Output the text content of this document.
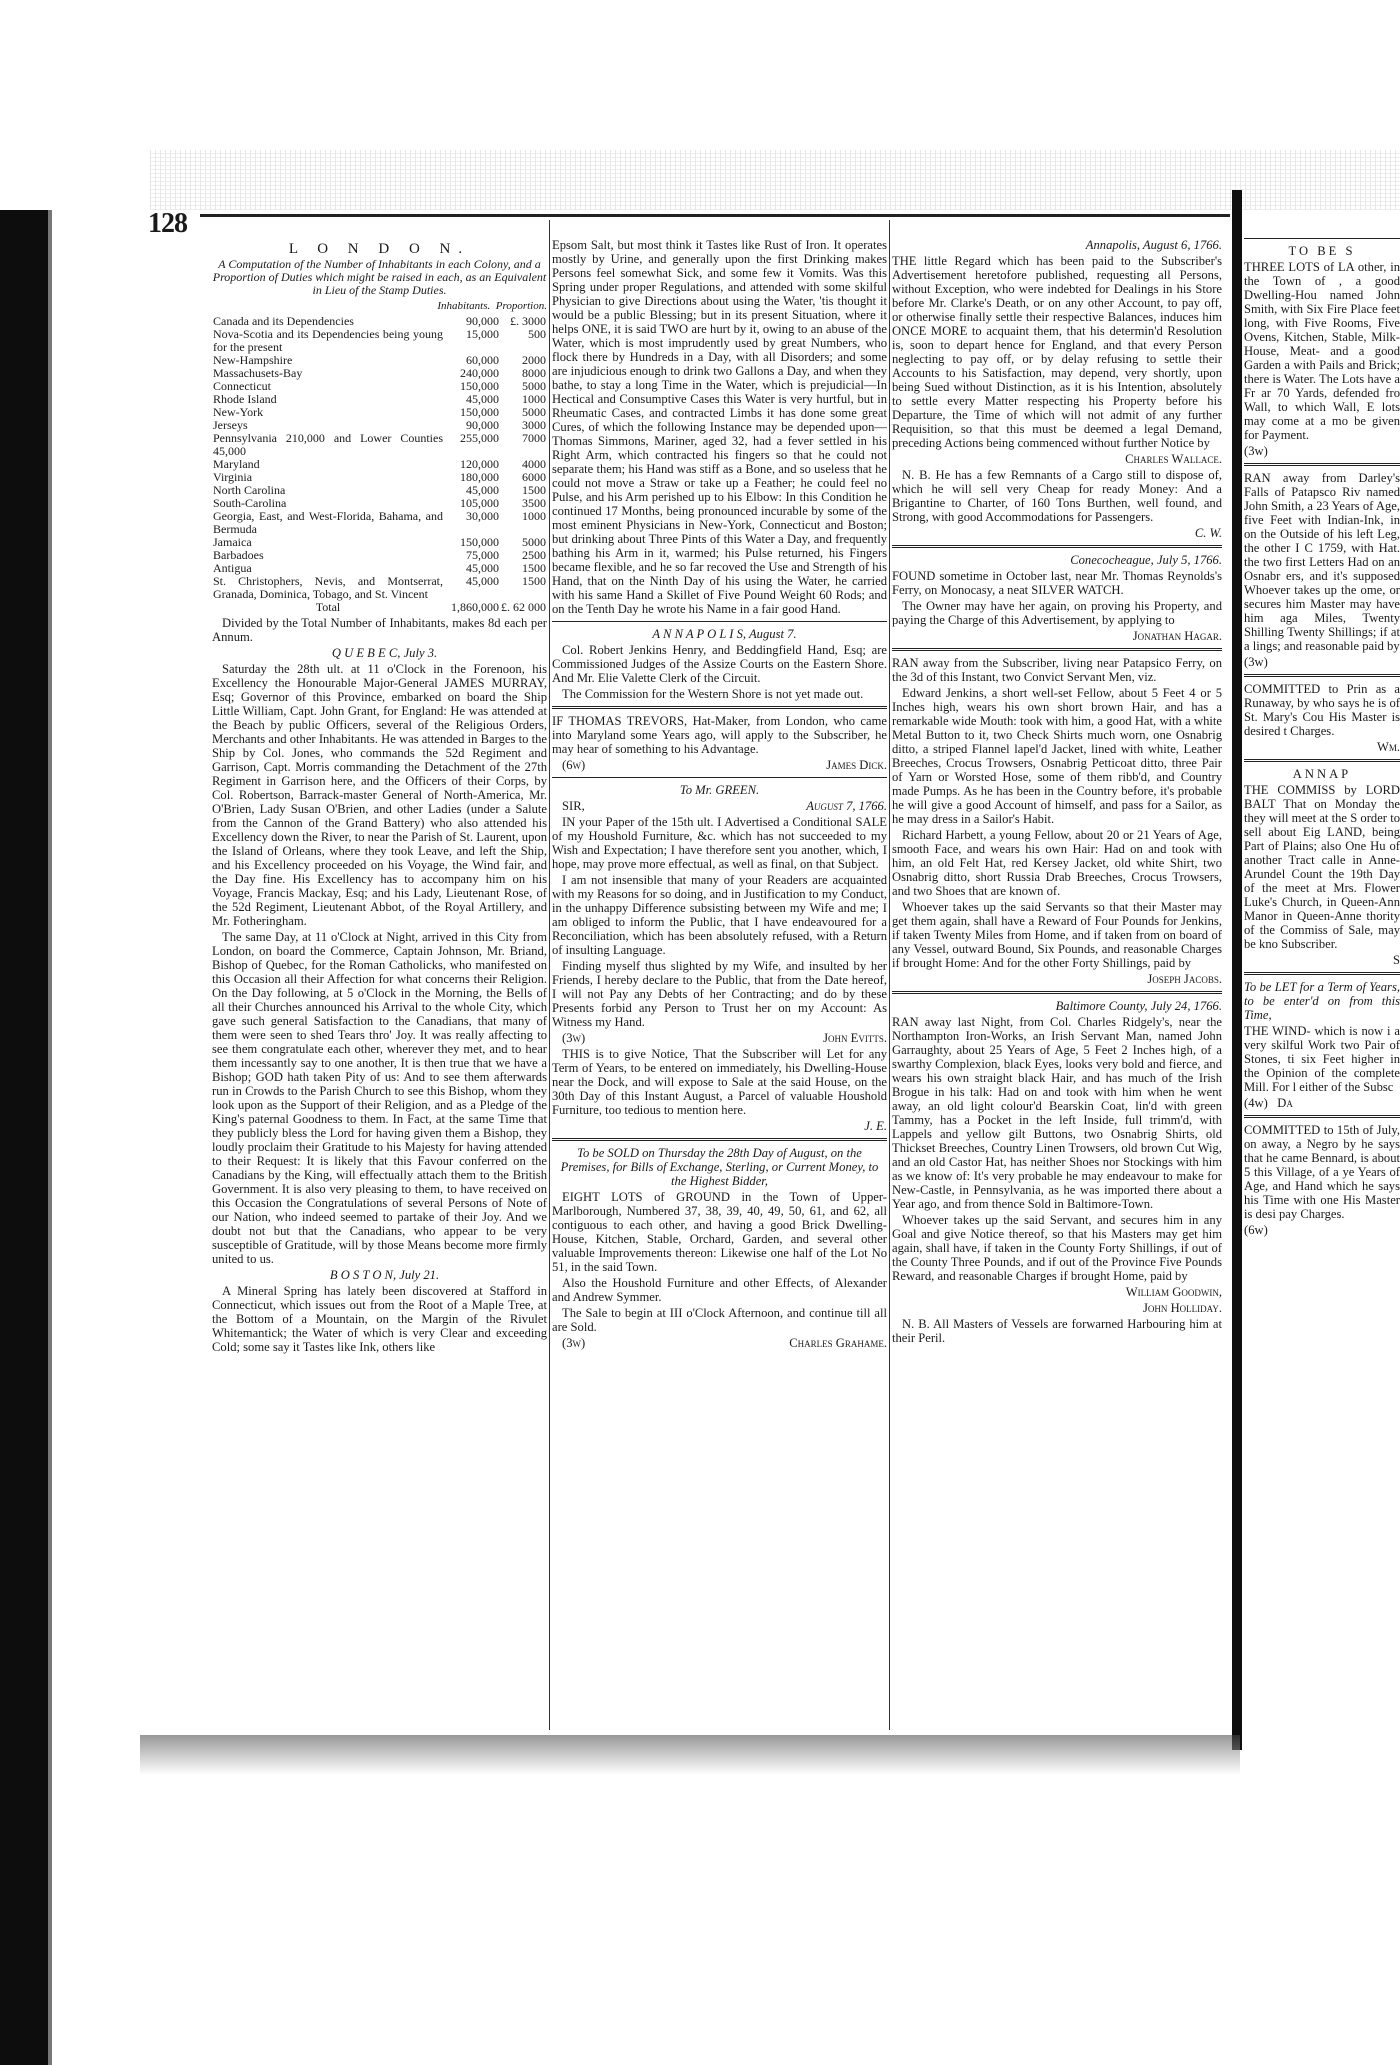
128
L O N D O N.

A Computation of the Number of Inhabitants in each Colony, and a Proportion of Duties which might be raised in each, as an Equivalent in Lieu of the Stamp Duties.

Inhabitants. Proportion.
Canada and its Dependencies	90,000	£. 3000
Nova-Scotia and its Dependencies being young for the present	15,000	500
New-Hampshire	60,000	2000
Massachusets-Bay	240,000	8000
Connecticut	150,000	5000
Rhode Island	45,000	1000
New-York	150,000	5000
Jerseys	90,000	3000
Pennsylvania 210,000 and Lower Counties 45,000	255,000	7000
Maryland	120,000	4000
Virginia	180,000	6000
North Carolina	45,000	1500
South-Carolina	105,000	3500
Georgia, East, and West-Florida, Bahama, and Bermuda	30,000	1000
Jamaica	150,000	5000
Barbadoes	75,000	2500
Antigua	45,000	1500
St. Christophers, Nevis, and Montserrat, Granada, Dominica, Tobago, and St. Vincent	45,000	1500
Total	1,860,000	£. 62 000

Divided by the Total Number of Inhabitants, makes 8d each per Annum.

Q U E B E C, July 3.

Saturday the 28th ult. at 11 o'Clock in the Forenoon, his Excellency the Honourable Major-General JAMES MURRAY, Esq; Governor of this Province, embarked on board the Ship Little William, Capt. John Grant, for England: He was attended at the Beach by public Officers, several of the Religious Orders, Merchants and other Inhabitants. He was attended in Barges to the Ship by Col. Jones, who commands the 52d Regiment and Garrison, Capt. Morris commanding the Detachment of the 27th Regiment in Garrison here, and the Officers of their Corps, by Col. Robertson, Barrack-master General of North-America, Mr. O'Brien, Lady Susan O'Brien, and other Ladies (under a Salute from the Cannon of the Grand Battery) who also attended his Excellency down the River, to near the Parish of St. Laurent, upon the Island of Orleans, where they took Leave, and left the Ship, and his Excellency proceeded on his Voyage, the Wind fair, and the Day fine. His Excellency has to accompany him on his Voyage, Francis Mackay, Esq; and his Lady, Lieutenant Rose, of the 52d Regiment, Lieutenant Abbot, of the Royal Artillery, and Mr. Fotheringham.

The same Day, at 11 o'Clock at Night, arrived in this City from London, on board the Commerce, Captain Johnson, Mr. Briand, Bishop of Quebec, for the Roman Catholicks, who manifested on this Occasion all their Affection for what concerns their Religion. On the Day following, at 5 o'Clock in the Morning, the Bells of all their Churches announced his Arrival to the whole City, which gave such general Satisfaction to the Canadians, that many of them were seen to shed Tears thro' Joy. It was really affecting to see them congratulate each other, wherever they met, and to hear them incessantly say to one another, It is then true that we have a Bishop; GOD hath taken Pity of us: And to see them afterwards run in Crowds to the Parish Church to see this Bishop, whom they look upon as the Support of their Religion, and as a Pledge of the King's paternal Goodness to them. In Fact, at the same Time that they publicly bless the Lord for having given them a Bishop, they loudly proclaim their Gratitude to his Majesty for having attended to their Request: It is likely that this Favour conferred on the Canadians by the King, will effectually attach them to the British Government. It is also very pleasing to them, to have received on this Occasion the Congratulations of several Persons of Note of our Nation, who indeed seemed to partake of their Joy. And we doubt not but that the Canadians, who appear to be very susceptible of Gratitude, will by those Means become more firmly united to us.

B O S T O N, July 21.

A Mineral Spring has lately been discovered at Stafford in Connecticut, which issues out from the Root of a Maple Tree, at the Bottom of a Mountain, on the Margin of the Rivulet Whitemantick; the Water of which is very Clear and exceeding Cold; some say it Tastes like Ink, others like

Epsom Salt, but most think it Tastes like Rust of Iron. It operates mostly by Urine, and generally upon the first Drinking makes Persons feel somewhat Sick, and some few it Vomits. Was this Spring under proper Regulations, and attended with some skilful Physician to give Directions about using the Water, 'tis thought it would be a public Blessing; but in its present Situation, where it helps ONE, it is said TWO are hurt by it, owing to an abuse of the Water, which is most imprudently used by great Numbers, who flock there by Hundreds in a Day, with all Disorders; and some are injudicious enough to drink two Gallons a Day, and when they bathe, to stay a long Time in the Water, which is prejudicial—In Hectical and Consumptive Cases this Water is very hurtful, but in Rheumatic Cases, and contracted Limbs it has done some great Cures, of which the following Instance may be depended upon—Thomas Simmons, Mariner, aged 32, had a fever settled in his Right Arm, which contracted his fingers so that he could not separate them; his Hand was stiff as a Bone, and so useless that he could not move a Straw or take up a Feather; he could feel no Pulse, and his Arm perished up to his Elbow: In this Condition he continued 17 Months, being pronounced incurable by some of the most eminent Physicians in New-York, Connecticut and Boston; but drinking about Three Pints of this Water a Day, and frequently bathing his Arm in it, warmed; his Pulse returned, his Fingers became flexible, and he so far recoved the Use and Strength of his Hand, that on the Ninth Day of his using the Water, he carried with his same Hand a Skillet of Five Pound Weight 60 Rods; and on the Tenth Day he wrote his Name in a fair good Hand.

A N N A P O L I S, August 7.

Col. Robert Jenkins Henry, and Beddingfield Hand, Esq; are Commissioned Judges of the Assize Courts on the Eastern Shore. And Mr. Elie Valette Clerk of the Circuit.

The Commission for the Western Shore is not yet made out.

IF THOMAS TREVORS, Hat-Maker, from London, who came into Maryland some Years ago, will apply to the Subscriber, he may hear of something to his Advantage.

(6w)	James Dick.

To Mr. GREEN.

SIR,	August 7, 1766.

IN your Paper of the 15th ult. I Advertised a Conditional SALE of my Houshold Furniture, &c. which has not succeeded to my Wish and Expectation; I have therefore sent you another, which, I hope, may prove more effectual, as well as final, on that Subject.

I am not insensible that many of your Readers are acquainted with my Reasons for so doing, and in Justification to my Conduct, in the unhappy Difference subsisting between my Wife and me; I am obliged to inform the Public, that I have endeavoured for a Reconciliation, which has been absolutely refused, with a Return of insulting Language.

Finding myself thus slighted by my Wife, and insulted by her Friends, I hereby declare to the Public, that from the Date hereof, I will not Pay any Debts of her Contracting; and do by these Presents forbid any Person to Trust her on my Account: As Witness my Hand.

(3w)	John Evitts.

THIS is to give Notice, That the Subscriber will Let for any Term of Years, to be entered on immediately, his Dwelling-House near the Dock, and will expose to Sale at the said House, on the 30th Day of this Instant August, a Parcel of valuable Houshold Furniture, too tedious to mention here.

J. E.

To be SOLD on Thursday the 28th Day of August, on the Premises, for Bills of Exchange, Sterling, or Current Money, to the Highest Bidder,

EIGHT LOTS of GROUND in the Town of Upper-Marlborough, Numbered 37, 38, 39, 40, 49, 50, 61, and 62, all contiguous to each other, and having a good Brick Dwelling-House, Kitchen, Stable, Orchard, Garden, and several other valuable Improvements thereon: Likewise one half of the Lot No 51, in the said Town.

Also the Houshold Furniture and other Effects, of Alexander and Andrew Symmer.

The Sale to begin at III o'Clock Afternoon, and continue till all are Sold.

(3w)	Charles Grahame.

Annapolis, August 6, 1766.

THE little Regard which has been paid to the Subscriber's Advertisement heretofore published, requesting all Persons, without Exception, who were indebted for Dealings in his Store before Mr. Clarke's Death, or on any other Account, to pay off, or otherwise finally settle their respective Balances, induces him ONCE MORE to acquaint them, that his determin'd Resolution is, soon to depart hence for England, and that every Person neglecting to pay off, or by delay refusing to settle their Accounts to his Satisfaction, may depend, very shortly, upon being Sued without Distinction, as it is his Intention, absolutely to settle every Matter respecting his Property before his Departure, the Time of which will not admit of any further Requisition, so that this must be deemed a legal Demand, preceding Actions being commenced without further Notice by

Charles Wallace.

N. B. He has a few Remnants of a Cargo still to dispose of, which he will sell very Cheap for ready Money: And a Brigantine to Charter, of 160 Tons Burthen, well found, and Strong, with good Accommodations for Passengers.

C. W.

Conecocheague, July 5, 1766.

FOUND sometime in October last, near Mr. Thomas Reynolds's Ferry, on Monocasy, a neat SILVER WATCH.

The Owner may have her again, on proving his Property, and paying the Charge of this Advertisement, by applying to

Jonathan Hagar.

RAN away from the Subscriber, living near Patapsico Ferry, on the 3d of this Instant, two Convict Servant Men, viz.

Edward Jenkins, a short well-set Fellow, about 5 Feet 4 or 5 Inches high, wears his own short brown Hair, and has a remarkable wide Mouth: took with him, a good Hat, with a white Metal Button to it, two Check Shirts much worn, one Osnabrig ditto, a striped Flannel lapel'd Jacket, lined with white, Leather Breeches, Crocus Trowsers, Osnabrig Petticoat ditto, three Pair of Yarn or Worsted Hose, some of them ribb'd, and Country made Pumps. As he has been in the Country before, it's probable he will give a good Account of himself, and pass for a Sailor, as he may dress in a Sailor's Habit.

Richard Harbett, a young Fellow, about 20 or 21 Years of Age, smooth Face, and wears his own Hair: Had on and took with him, an old Felt Hat, red Kersey Jacket, old white Shirt, two Osnabrig ditto, short Russia Drab Breeches, Crocus Trowsers, and two Shoes that are known of.

Whoever takes up the said Servants so that their Master may get them again, shall have a Reward of Four Pounds for Jenkins, if taken Twenty Miles from Home, and if taken from on board of any Vessel, outward Bound, Six Pounds, and reasonable Charges if brought Home: And for the other Forty Shillings, paid by

Joseph Jacobs.

Baltimore County, July 24, 1766.

RAN away last Night, from Col. Charles Ridgely's, near the Northampton Iron-Works, an Irish Servant Man, named John Garraughty, about 25 Years of Age, 5 Feet 2 Inches high, of a swarthy Complexion, black Eyes, looks very bold and fierce, and wears his own straight black Hair, and has much of the Irish Brogue in his talk: Had on and took with him when he went away, an old light colour'd Bearskin Coat, lin'd with green Tammy, has a Pocket in the left Inside, full trimm'd, with Lappels and yellow gilt Buttons, two Osnabrig Shirts, old Thickset Breeches, Country Linen Trowsers, old brown Cut Wig, and an old Castor Hat, has neither Shoes nor Stockings with him as we know of: It's very probable he may endeavour to make for New-Castle, in Pennsylvania, as he was imported there about a Year ago, and from thence Sold in Baltimore-Town.

Whoever takes up the said Servant, and secures him in any Goal and give Notice thereof, so that his Masters may get him again, shall have, if taken in the County Forty Shillings, if out of the County Three Pounds, and if out of the Province Five Pounds Reward, and reasonable Charges if brought Home, paid by

William Goodwin,

John Holliday.

N. B. All Masters of Vessels are forwarned Harbouring him at their Peril.

TO BE S

THREE LOTS of LA other, in the Town of , a good Dwelling-Hou named John Smith, with Six Fire Place feet long, with Five Rooms, Five Ovens, Kitchen, Stable, Milk-House, Meat- and a good Garden a with Pails and Brick; there is Water. The Lots have a Fr ar 70 Yards, defended fro Wall, to which Wall, E lots may come at a mo be given for Payment.

(3w)

RAN away from Darley's Falls of Patapsco Riv named John Smith, a 23 Years of Age, five Feet with Indian-Ink, in on the Outside of his left Leg, the other I C 1759, with Hat. the two first Letters Had on an Osnabr ers, and it's supposed Whoever takes up the ome, or secures him Master may have him aga Miles, Twenty Shilling Twenty Shillings; if at a lings; and reasonable paid by

(3w)

COMMITTED to Prin as a Runaway, by who says he is of St. Mary's Cou His Master is desired t Charges.

Wm.

ANNAP

THE COMMISS by LORD BALT That on Monday the they will meet at the S order to sell about Eig LAND, being Part of Plains; also One Hu of another Tract calle in Anne-Arundel Count the 19th Day of the meet at Mrs. Flower Luke's Church, in Queen-Ann Manor in Queen-Anne thority of the Commiss of Sale, may be kno Subscriber.

S

To be LET for a Term of Years, to be enter'd on from this Time,

THE WIND- which is now i a very skilful Work two Pair of Stones, ti six Feet higher in the Opinion of the complete Mill. For l either of the Subsc

(4w) Da

COMMITTED to 15th of July, on away, a Negro by he says that he came Bennard, is about 5 this Village, of a ye Years of Age, and Hand which he says his Time with one His Master is desi pay Charges.

(6w)
